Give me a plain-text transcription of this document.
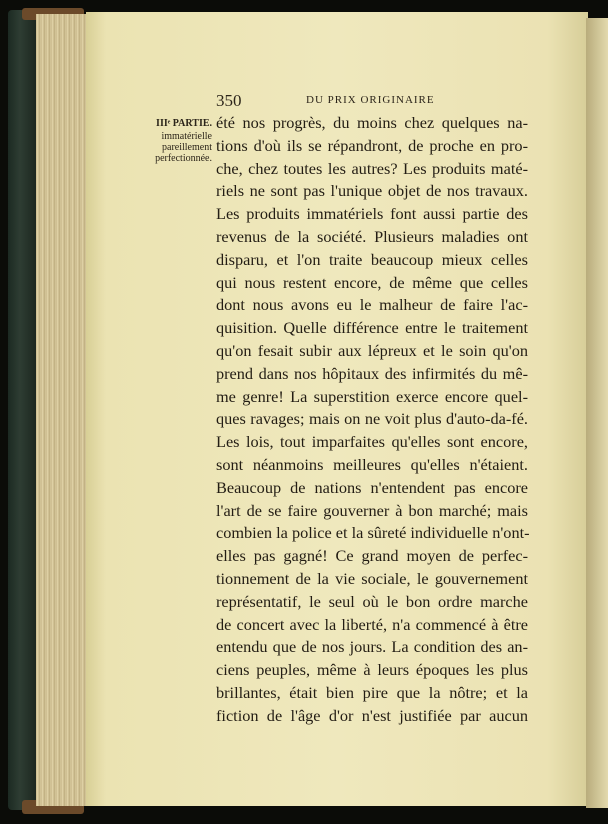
350	DU PRIX ORIGINAIRE
IIIᵉ PARTIE.
immatérielle
pareillement
perfectionnée.
été nos progrès, du moins chez quelques na-
tions d'où ils se répandront, de proche en pro-
che, chez toutes les autres? Les produits maté-
riels ne sont pas l'unique objet de nos travaux.
Les produits immatériels font aussi partie des
revenus de la société. Plusieurs maladies ont
disparu, et l'on traite beaucoup mieux celles
qui nous restent encore, de même que celles
dont nous avons eu le malheur de faire l'ac-
quisition. Quelle différence entre le traitement
qu'on fesait subir aux lépreux et le soin qu'on
prend dans nos hôpitaux des infirmités du mê-
me genre! La superstition exerce encore quel-
ques ravages; mais on ne voit plus d'auto-da-fé.
Les lois, tout imparfaites qu'elles sont encore,
sont néanmoins meilleures qu'elles n'étaient.
Beaucoup de nations n'entendent pas encore
l'art de se faire gouverner à bon marché; mais
combien la police et la sûreté individuelle n'ont-
elles pas gagné! Ce grand moyen de perfec-
tionnement de la vie sociale, le gouvernement
représentatif, le seul où le bon ordre marche
de concert avec la liberté, n'a commencé à être
entendu que de nos jours. La condition des an-
ciens peuples, même à leurs époques les plus
brillantes, était bien pire que la nôtre; et la
fiction de l'âge d'or n'est justifiée par aucun
